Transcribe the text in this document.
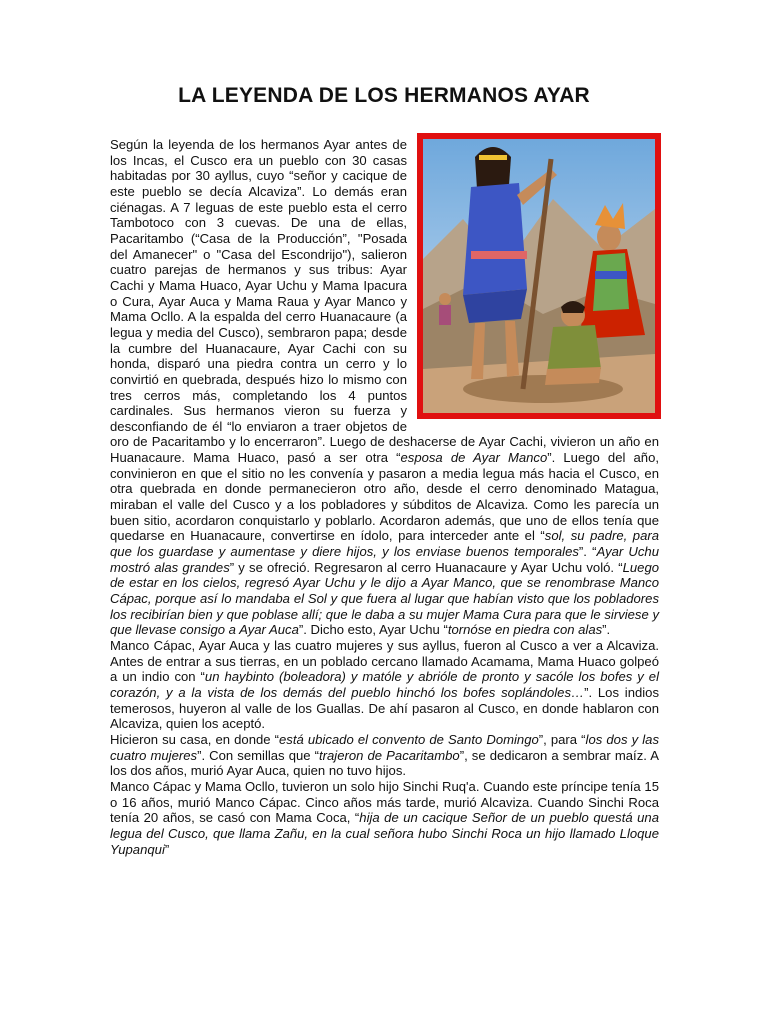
LA LEYENDA DE LOS HERMANOS AYAR

Según la leyenda de los hermanos Ayar antes de los Incas, el Cusco era un pueblo con 30 casas habitadas por 30 ayllus, cuyo “señor y cacique de este pueblo se decía Alcaviza”. Lo demás eran ciénagas. A 7 leguas de este pueblo esta el cerro Tambotoco con 3 cuevas. De una de ellas, Pacaritambo (“Casa de la Producción”, "Posada del Amanecer" o "Casa del Escondrijo"), salieron cuatro parejas de hermanos y sus tribus: Ayar Cachi y Mama Huaco, Ayar Uchu y Mama Ipacura o Cura, Ayar Auca y Mama Raua y Ayar Manco y Mama Ocllo. A la espalda del cerro Huanacaure (a legua y media del Cusco), sembraron papa; desde la cumbre del Huanacaure, Ayar Cachi con su honda, disparó una piedra contra un cerro y lo convirtió en quebrada, después hizo lo mismo con tres cerros más, completando los 4 puntos cardinales. Sus hermanos vieron su fuerza y desconfiando de él “lo enviaron a traer objetos de oro de Pacaritambo y lo encerraron”. Luego de deshacerse de Ayar Cachi, vivieron un año en Huanacaure. Mama Huaco, pasó a ser otra “esposa de Ayar Manco”. Luego del año, convinieron en que el sitio no les convenía y pasaron a media legua más hacia el Cusco, en otra quebrada en donde permanecieron otro año, desde el cerro denominado Matagua, miraban el valle del Cusco y a los pobladores y súbditos de Alcaviza. Como les parecía un buen sitio, acordaron conquistarlo y poblarlo. Acordaron además, que uno de ellos tenía que quedarse en Huanacaure, convertirse en ídolo, para interceder ante el “sol, su padre, para que los guardase y aumentase y diere hijos, y los enviase buenos temporales”. “Ayar Uchu mostró alas grandes” y se ofreció. Regresaron al cerro Huanacaure y Ayar Uchu voló. “Luego de estar en los cielos, regresó Ayar Uchu y le dijo a Ayar Manco, que se renombrase Manco Cápac, porque así lo mandaba el Sol y que fuera al lugar que habían visto que los pobladores los recibirían bien y que poblase allí; que le daba a su mujer Mama Cura para que le sirviese y que llevase consigo a Ayar Auca”. Dicho esto, Ayar Uchu “tornóse en piedra con alas”.

Manco Cápac, Ayar Auca y las cuatro mujeres y sus ayllus, fueron al Cusco a ver a Alcaviza. Antes de entrar a sus tierras, en un poblado cercano llamado Acamama, Mama Huaco golpeó a un indio con “un haybinto (boleadora) y matóle y abrióle de pronto y sacóle los bofes y el corazón, y a la vista de los demás del pueblo hinchó los bofes soplándoles…”. Los indios temerosos, huyeron al valle de los Guallas. De ahí pasaron al Cusco, en donde hablaron con Alcaviza, quien los aceptó.

Hicieron su casa, en donde “está ubicado el convento de Santo Domingo”, para “los dos y las cuatro mujeres”. Con semillas que “trajeron de Pacaritambo”, se dedicaron a sembrar maíz. A los dos años, murió Ayar Auca, quien no tuvo hijos.

Manco Cápac y Mama Ocllo, tuvieron un solo hijo Sinchi Ruq'a. Cuando este príncipe tenía 15 o 16 años, murió Manco Cápac. Cinco años más tarde, murió Alcaviza. Cuando Sinchi Roca tenía 20 años, se casó con Mama Coca, “hija de un cacique Señor de un pueblo questá una legua del Cusco, que llama Zañu, en la cual señora hubo Sinchi Roca un hijo llamado Lloque Yupanqui”
